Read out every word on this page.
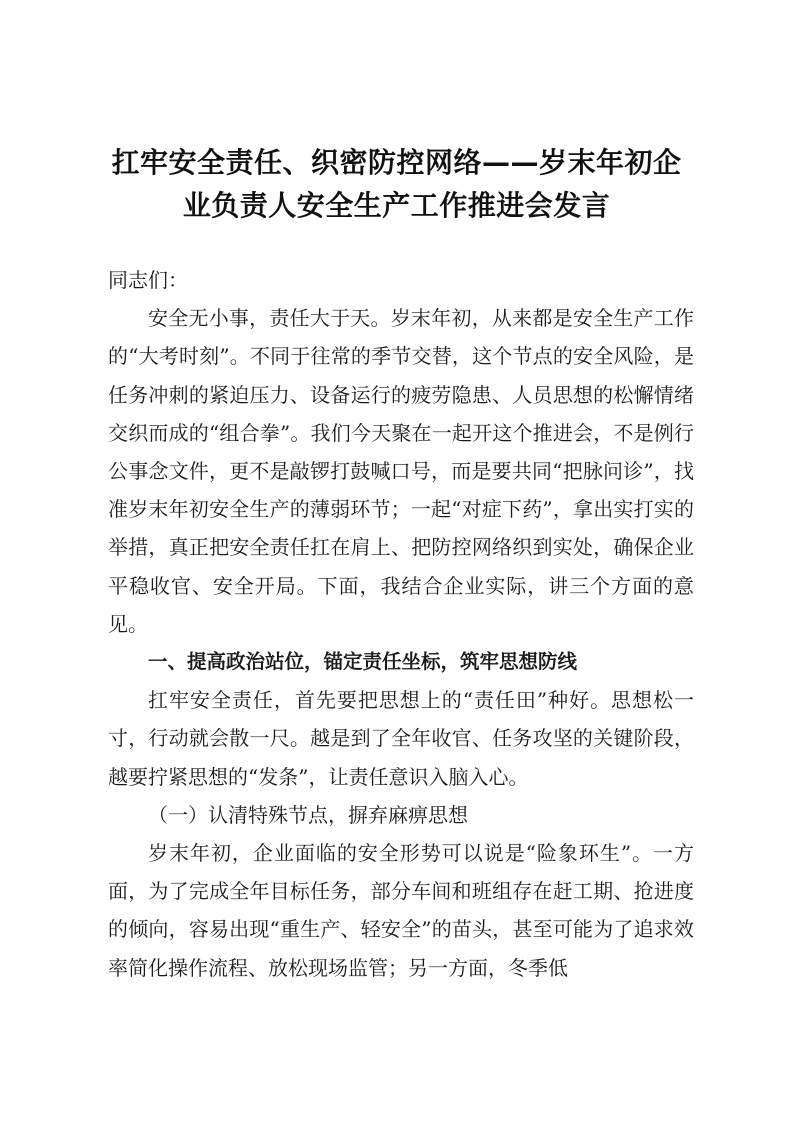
扛牢安全责任、织密防控网络——岁末年初企
业负责人安全生产工作推进会发言

同志们：

安全无小事，责任大于天。岁末年初，从来都是安全生产工作的“大考时刻”。不同于往常的季节交替，这个节点的安全风险，是任务冲刺的紧迫压力、设备运行的疲劳隐患、人员思想的松懈情绪交织而成的“组合拳”。我们今天聚在一起开这个推进会，不是例行公事念文件，更不是敲锣打鼓喊口号，而是要共同“把脉问诊”，找准岁末年初安全生产的薄弱环节；一起“对症下药”，拿出实打实的举措，真正把安全责任扛在肩上、把防控网络织到实处，确保企业平稳收官、安全开局。下面，我结合企业实际，讲三个方面的意见。

一、提高政治站位，锚定责任坐标，筑牢思想防线

扛牢安全责任，首先要把思想上的“责任田”种好。思想松一寸，行动就会散一尺。越是到了全年收官、任务攻坚的关键阶段，越要拧紧思想的“发条”，让责任意识入脑入心。

（一）认清特殊节点，摒弃麻痹思想

岁末年初，企业面临的安全形势可以说是“险象环生”。一方面，为了完成全年目标任务，部分车间和班组存在赶工期、抢进度的倾向，容易出现“重生产、轻安全”的苗头，甚至可能为了追求效率简化操作流程、放松现场监管；另一方面，冬季低
